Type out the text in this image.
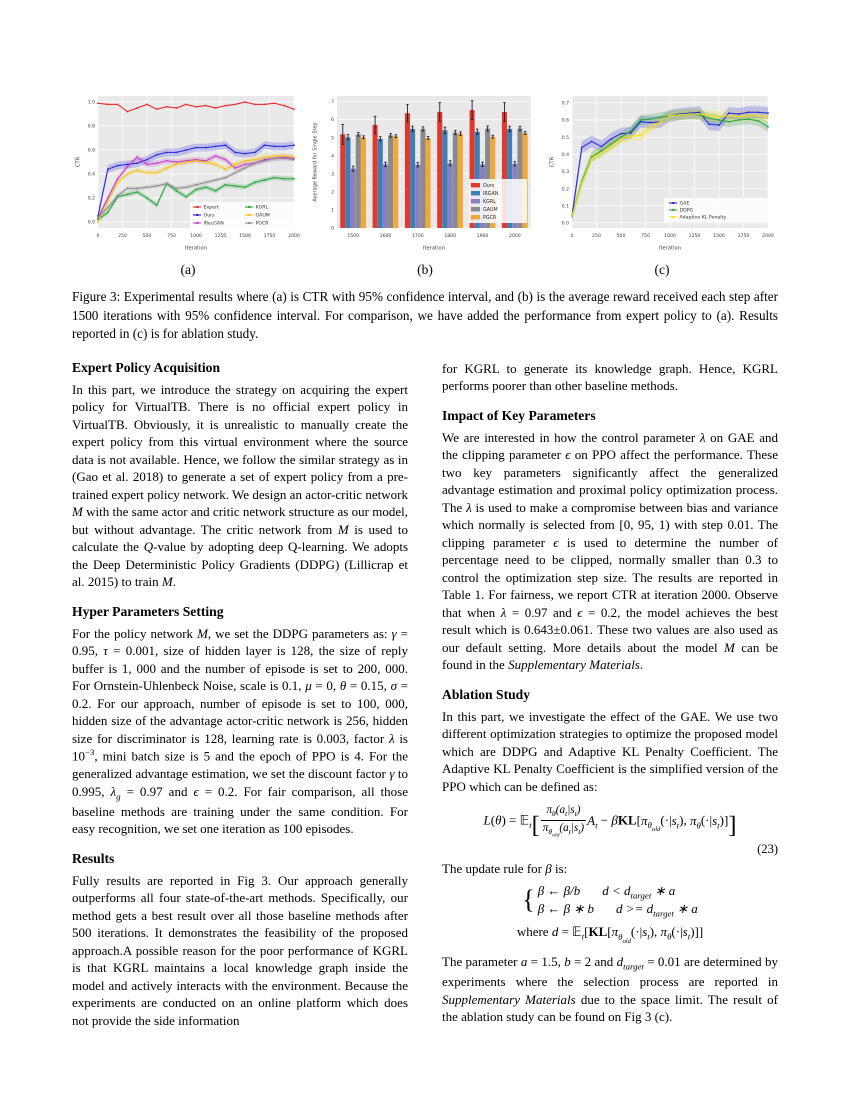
0	250	500	750	1000	1250	1500	1750	2000
0.0
0.2
0.4
0.6
0.8
1.0
Iteration
CTR
Expert
Ours
IRecGAN
KGRL
GAUM
PGCR
0
1
2
3
4
5
6
7
1500	1600	1700	1800	1900	2000
Iteration
Average Reward for Single Step	Ours
IRGAN
KGRL
GAUM
PGCR
0	250	500	750	1000	1250	1500	1750	2000
0.0
0.1
0.2
0.3
0.4
0.5
0.6
0.7
Iteration
CTR
GAE
DDPG
Adaptive KL Penalty
(a)	(b)	(c)
Figure 3: Experimental results where (a) is CTR with 95% confidence interval, and (b) is the average reward received each step after 1500 iterations with 95% confidence interval. For comparison, we have added the performance from expert policy to (a). Results reported in (c) is for ablation study.
Expert Policy Acquisition

In this part, we introduce the strategy on acquiring the expert policy for VirtualTB. There is no official expert policy in VirtualTB. Obviously, it is unrealistic to manually create the expert policy from this virtual environment where the source data is not available. Hence, we follow the similar strategy as in (Gao et al. 2018) to generate a set of expert policy from a pre-trained expert policy network. We design an actor-critic network M with the same actor and critic network structure as our model, but without advantage. The critic network from M is used to calculate the Q-value by adopting deep Q-learning. We adopts the Deep Deterministic Policy Gradients (DDPG) (Lillicrap et al. 2015) to train M.

Hyper Parameters Setting

For the policy network M, we set the DDPG parameters as: γ = 0.95, τ = 0.001, size of hidden layer is 128, the size of reply buffer is 1, 000 and the number of episode is set to 200, 000. For Ornstein-Uhlenbeck Noise, scale is 0.1, μ = 0, θ = 0.15, σ = 0.2. For our approach, number of episode is set to 100, 000, hidden size of the advantage actor-critic network is 256, hidden size for discriminator is 128, learning rate is 0.003, factor λ is $10^{-3}$, mini batch size is 5 and the epoch of PPO is 4. For the generalized advantage estimation, we set the discount factor γ to 0.995, $\lambda_g = 0.97$ and ϵ = 0.2. For fair comparison, all those baseline methods are training under the same condition. For easy recognition, we set one iteration as 100 episodes.

Results

Fully results are reported in Fig 3. Our approach generally outperforms all four state-of-the-art methods. Specifically, our method gets a best result over all those baseline methods after 500 iterations. It demonstrates the feasibility of the proposed approach.A possible reason for the poor performance of KGRL is that KGRL maintains a local knowledge graph inside the model and actively interacts with the environment. Because the experiments are conducted on an online platform which does not provide the side information

for KGRL to generate its knowledge graph. Hence, KGRL performs poorer than other baseline methods.

Impact of Key Parameters

We are interested in how the control parameter λ on GAE and the clipping parameter ϵ on PPO affect the performance. These two key parameters significantly affect the generalized advantage estimation and proximal policy optimization process. The λ is used to make a compromise between bias and variance which normally is selected from [0, 95, 1) with step 0.01. The clipping parameter ϵ is used to determine the number of percentage need to be clipped, normally smaller than 0.3 to control the optimization step size. The results are reported in Table 1. For fairness, we report CTR at iteration 2000. Observe that when λ = 0.97 and ϵ = 0.2, the model achieves the best result which is 0.643±0.061. These two values are also used as our default setting. More details about the model M can be found in the Supplementary Materials.

Ablation Study

In this part, we investigate the effect of the GAE. We use two different optimization strategies to optimize the proposed model which are DDPG and Adaptive KL Penalty Coefficient. The Adaptive KL Penalty Coefficient is the simplified version of the PPO which can be defined as:

L(θ) = 𝔼$_t$[ $\frac{\pi_\theta(a_t|s_t)}{\pi_{\theta_{old}}(a_t|s_t)} A_t - \beta KL[\pi_{\theta_{old}}(\cdot|s_t)$, $\pi_\theta(\cdot|s_t)$]]
(23)

The update rule for β is:

{ β ← β/b $d < d_{target}$ ∗ a
β ← β ∗ b $d >= d_{target}$ ∗ a
where $d = 𝔼_t[KL[\pi_{\theta_{old}}(\cdot|s_t)$, $\pi_\theta(\cdot|s_t)$]]

The parameter a = 1.5, b = 2 and $d_{target} = 0.01$ are determined by experiments where the selection process are reported in Supplementary Materials due to the space limit. The result of the ablation study can be found on Fig 3 (c).
